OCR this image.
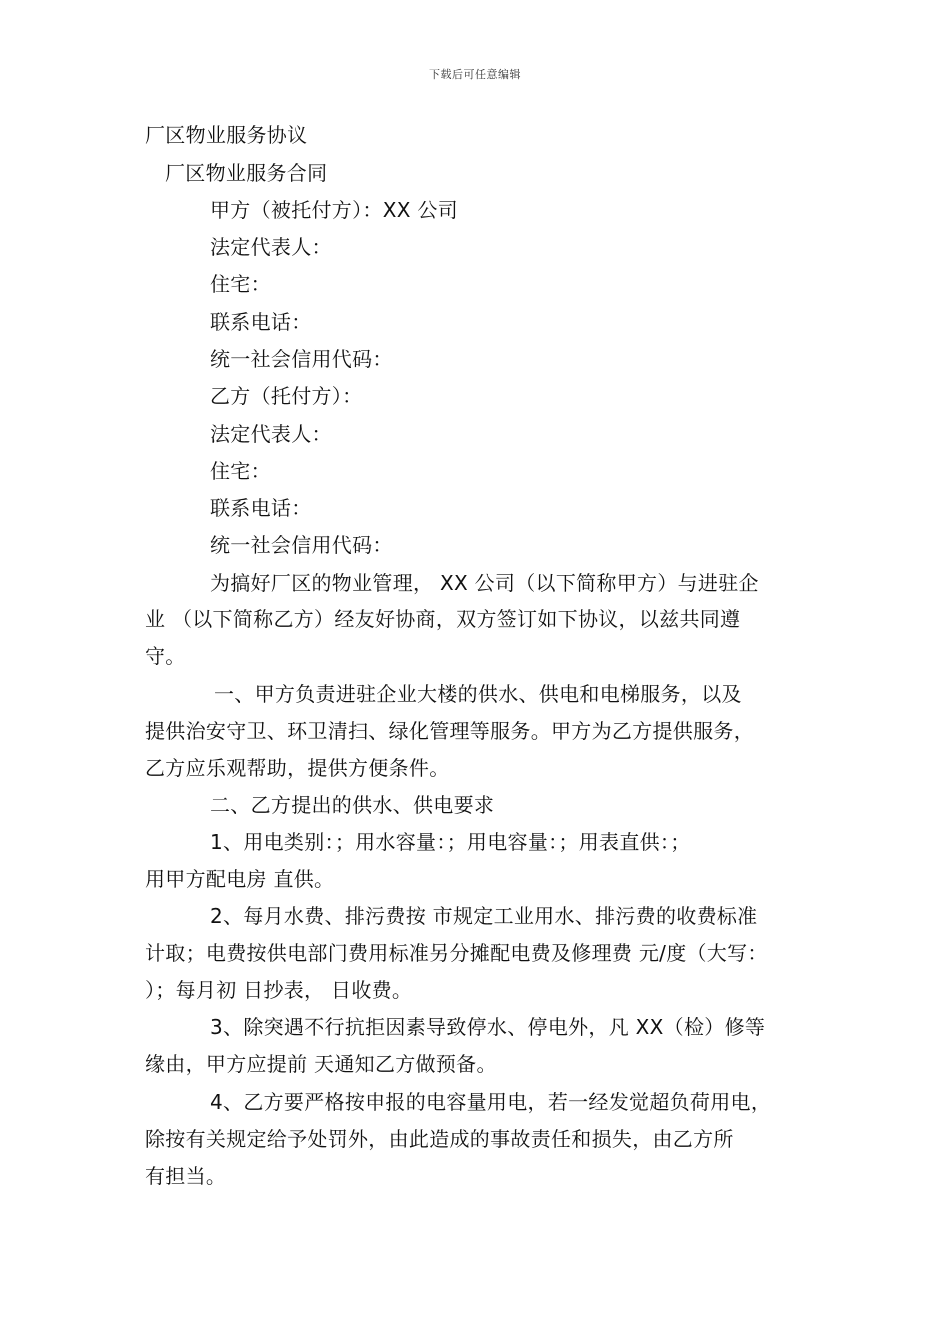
下载后可任意编辑
厂区物业服务协议
厂区物业服务合同
甲方（被托付方）：XX 公司
法定代表人：
住宅：
联系电话：
统一社会信用代码：
乙方（托付方）：
法定代表人：
住宅：
联系电话：
统一社会信用代码：
为搞好厂区的物业管理， XX 公司（以下简称甲方）与进驻企
业 （以下简称乙方）经友好协商，双方签订如下协议，以兹共同遵
守。
一、甲方负责进驻企业大楼的供水、供电和电梯服务，以及
提供治安守卫、环卫清扫、绿化管理等服务。甲方为乙方提供服务，
乙方应乐观帮助，提供方便条件。
二、乙方提出的供水、供电要求
1、用电类别：；用水容量：；用电容量：；用表直供：；
用甲方配电房 直供。
2、每月水费、排污费按 市规定工业用水、排污费的收费标准
计取；电费按供电部门费用标准另分摊配电费及修理费 元/度（大写：
）；每月初 日抄表， 日收费。
3、除突遇不行抗拒因素导致停水、停电外，凡 XX（检）修等
缘由，甲方应提前 天通知乙方做预备。
4、乙方要严格按申报的电容量用电，若一经发觉超负荷用电，
除按有关规定给予处罚外，由此造成的事故责任和损失，由乙方所
有担当。
